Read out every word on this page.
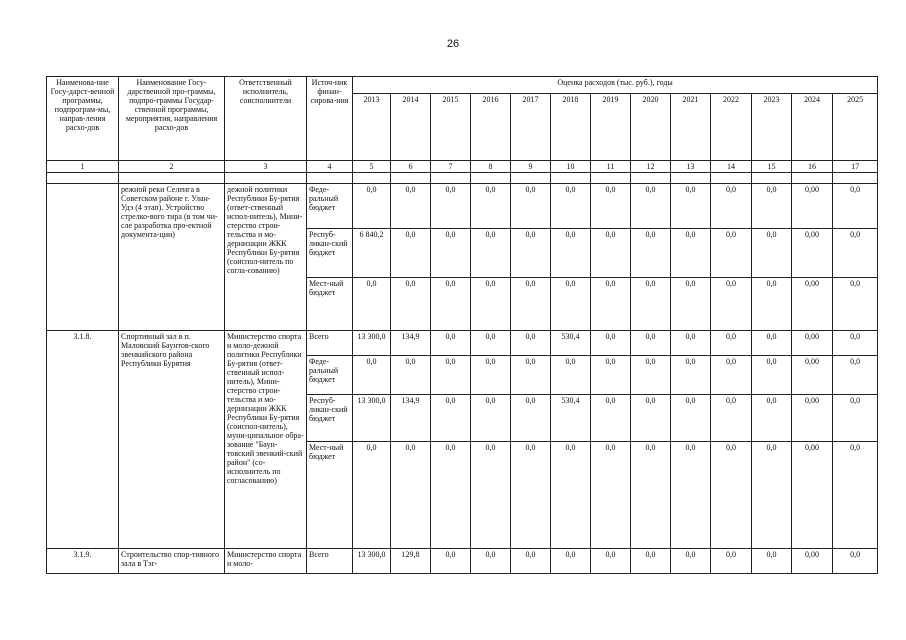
26
Наименова-ние Госу-дарст-венной программы, подпрограм-мы, направ-ления расхо-дов	Наименование Госу-дарственной про-граммы, подпро-граммы Государ-ственной программы, мероприятия, направления расхо-дов	Ответственный исполнитель, соисполнители	Источ-ник финан-сирова-ния	Оценка расходов (тыс. руб.), годы												
				2013	2014	2015	2016	2017	2018	2019	2020	2021	2022	2023	2024	2025
1	2	3	4	5	6	7	8	9	10	11	12	13	14	15	16	17

	режной реки Селенга в Советском районе г. Улан-Удэ (4 этап). Устройство стрелко-вого тира (в том чи-сле разработка про-ектной документа-ции)	дежной политики Республики Бу-рятия (ответ-ственный испол-нитель), Мини-стерство строи-тельства и мо-дернизации ЖКК Республики Бу-рятия (соиспол-нитель по согла-сованию)	Феде-ральный бюджет	0,0	0,0	0,0	0,0	0,0	0,0	0,0	0,0	0,0	0,0	0,0	0,00	0,0
			Респуб-ликан-ский бюджет	6 840,2	0,0	0,0	0,0	0,0	0,0	0,0	0,0	0,0	0,0	0,0	0,00	0,0
			Мест-ный бюджет	0,0	0,0	0,0	0,0	0,0	0,0	0,0	0,0	0,0	0,0	0,0	0,00	0,0
3.1.8.	Спортивный зал в п. Маловский Баунтов-ского эвенкийского района Республики Бурятия	Министерство спорта и моло-дежной политики Республики Бу-рятия (ответ-ственный испол-нитель), Мини-стерство строи-тельства и мо-дернизации ЖКК Республики Бу-рятия (соиспол-нитель), муни-ципальное обра-зование "Баун-товский эвенкий-ский район" (со-исполнитель по согласованию)	Всего	13 300,0	134,9	0,0	0,0	0,0	530,4	0,0	0,0	0,0	0,0	0,0	0,00	0,0
			Феде-ральный бюджет	0,0	0,0	0,0	0,0	0,0	0,0	0,0	0,0	0,0	0,0	0,0	0,00	0,0
			Респуб-ликан-ский бюджет	13 300,0	134,9	0,0	0,0	0,0	530,4	0,0	0,0	0,0	0,0	0,0	0,00	0,0
			Мест-ный бюджет	0,0	0,0	0,0	0,0	0,0	0,0	0,0	0,0	0,0	0,0	0,0	0,00	0,0
3.1.9.	Строительство спор-тивного зала в Тэг-	Министерство спорта и моло-	Всего	13 300,0	129,8	0,0	0,0	0,0	0,0	0,0	0,0	0,0	0,0	0,0	0,00	0,0
